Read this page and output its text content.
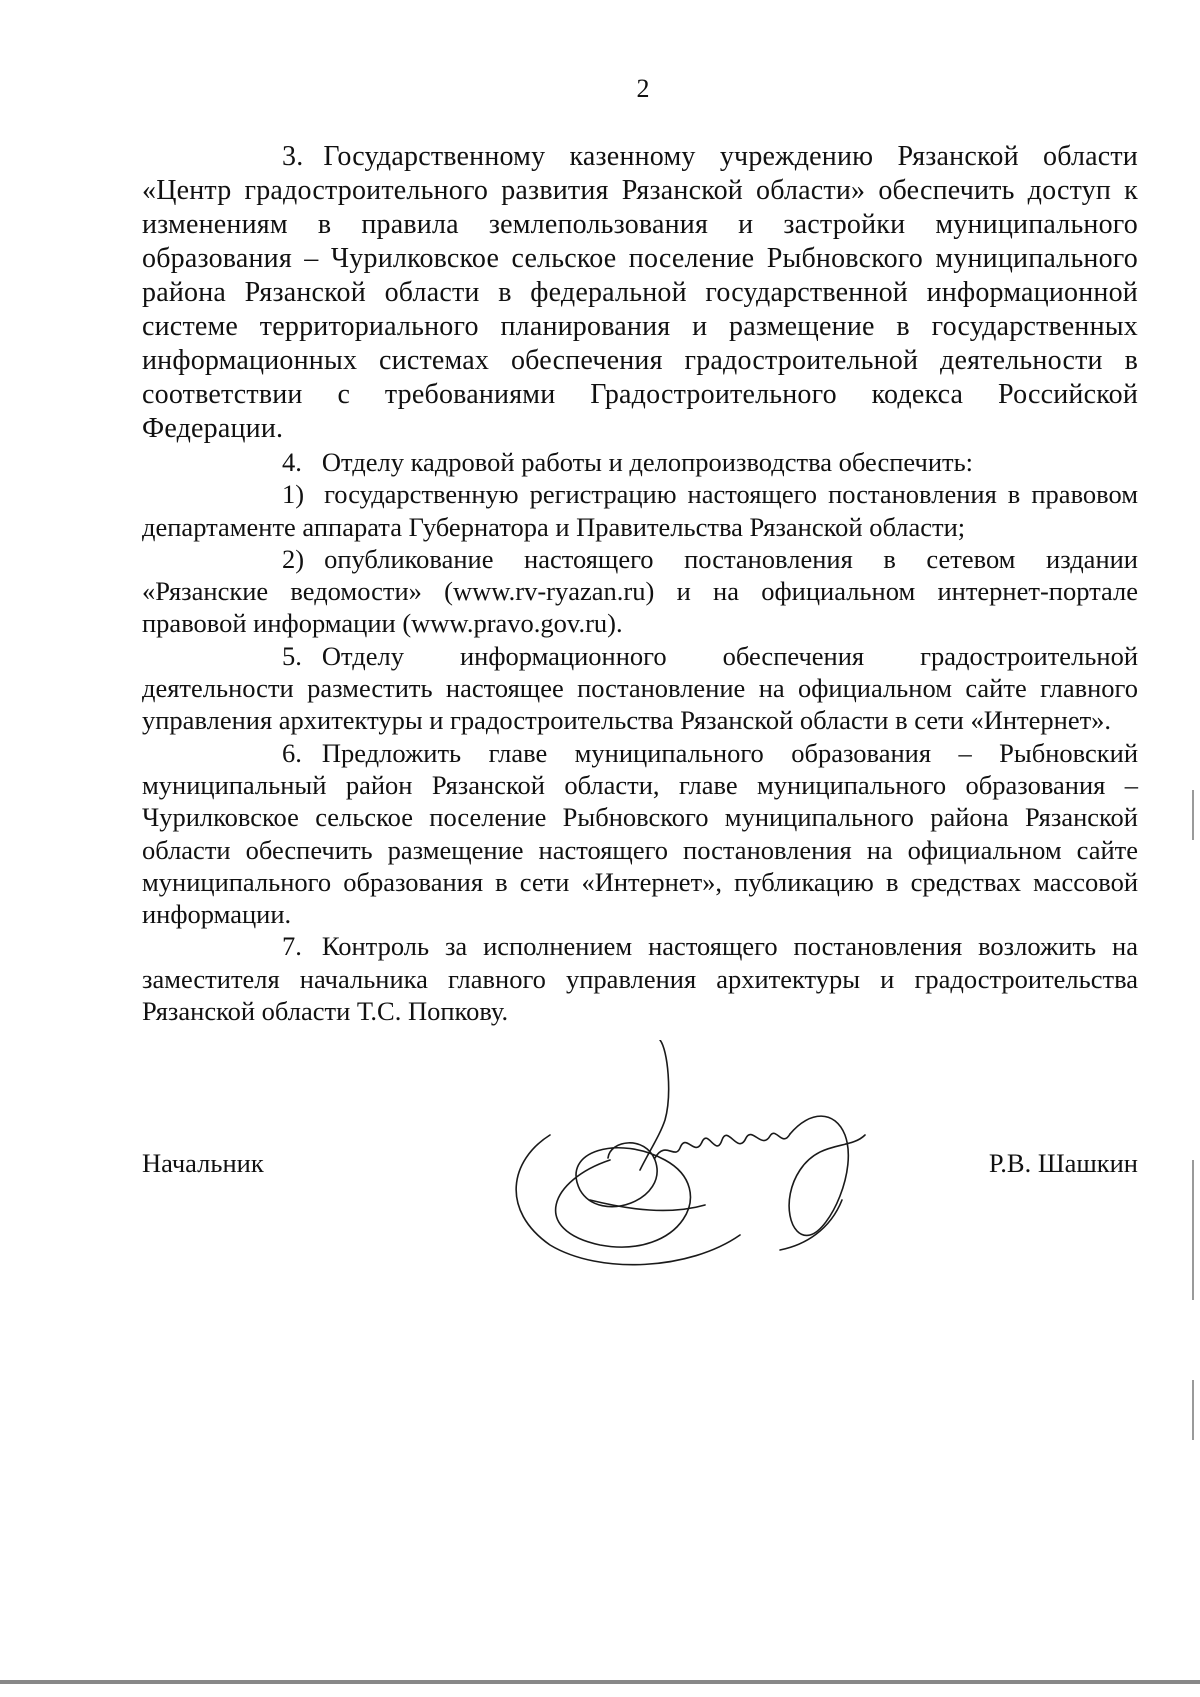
2

3. Государственному казенному учреждению Рязанской области «Центр градостроительного развития Рязанской области» обеспечить доступ к изменениям в правила землепользования и застройки муниципального образования – Чурилковское сельское поселение Рыбновского муниципального района Рязанской области в федеральной государственной информационной системе территориального планирования и размещение в государственных информационных системах обеспечения градостроительной деятельности в соответствии с требованиями Градостроительного кодекса Российской Федерации.

4. Отделу кадровой работы и делопроизводства обеспечить:

1) государственную регистрацию настоящего постановления в правовом департаменте аппарата Губернатора и Правительства Рязанской области;

2) опубликование настоящего постановления в сетевом издании «Рязанские ведомости» (www.rv-ryazan.ru) и на официальном интернет-портале правовой информации (www.pravo.gov.ru).

5. Отделу информационного обеспечения градостроительной деятельности разместить настоящее постановление на официальном сайте главного управления архитектуры и градостроительства Рязанской области в сети «Интернет».

6. Предложить главе муниципального образования – Рыбновский муниципальный район Рязанской области, главе муниципального образования – Чурилковское сельское поселение Рыбновского муниципального района Рязанской области обеспечить размещение настоящего постановления на официальном сайте муниципального образования в сети «Интернет», публикацию в средствах массовой информации.

7. Контроль за исполнением настоящего постановления возложить на заместителя начальника главного управления архитектуры и градостроительства Рязанской области Т.С. Попкову.

Начальник	Р.В. Шашкин
